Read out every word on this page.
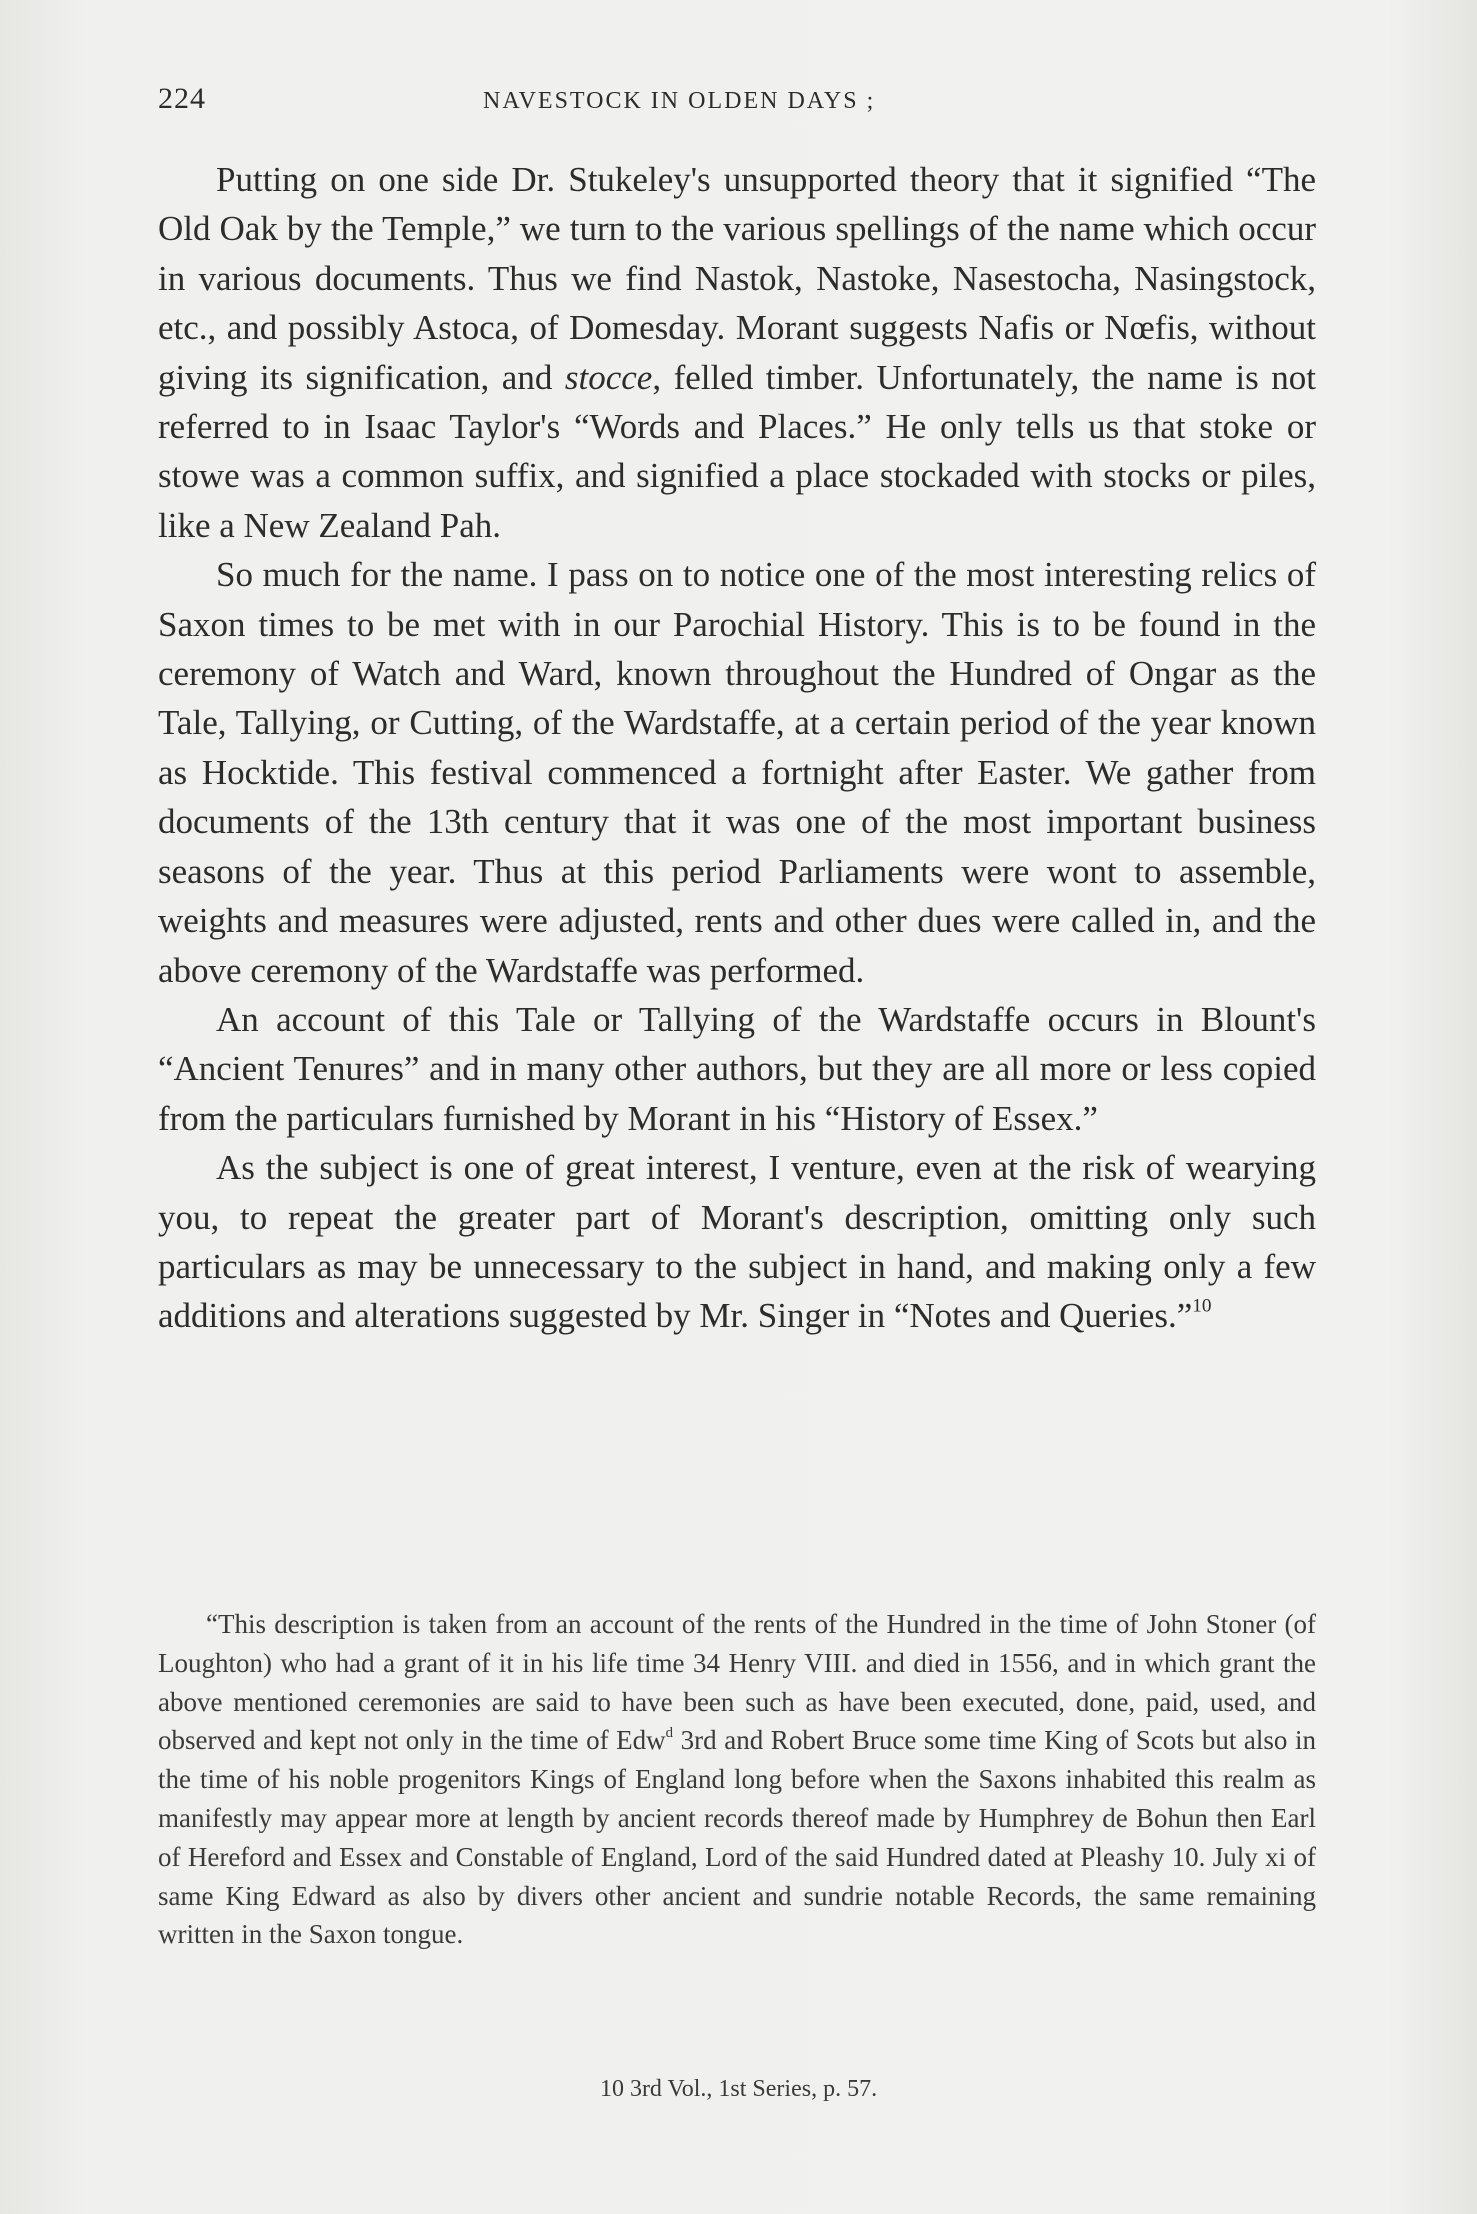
224	NAVESTOCK IN OLDEN DAYS ;

Putting on one side Dr. Stukeley's unsupported theory that it signified “The Old Oak by the Temple,” we turn to the various spellings of the name which occur in various documents. Thus we find Nastok, Nastoke, Nasestocha, Nasingstock, etc., and possibly Astoca, of Domesday. Morant suggests Nafis or Nœfis, without giving its signification, and stocce, felled timber. Unfortunately, the name is not referred to in Isaac Taylor's “Words and Places.” He only tells us that stoke or stowe was a common suffix, and signified a place stockaded with stocks or piles, like a New Zealand Pah.

So much for the name. I pass on to notice one of the most interesting relics of Saxon times to be met with in our Parochial History. This is to be found in the ceremony of Watch and Ward, known throughout the Hundred of Ongar as the Tale, Tallying, or Cutting, of the Wardstaffe, at a certain period of the year known as Hocktide. This festival commenced a fortnight after Easter. We gather from documents of the 13th century that it was one of the most important business seasons of the year. Thus at this period Parliaments were wont to assemble, weights and measures were adjusted, rents and other dues were called in, and the above ceremony of the Wardstaffe was performed.

An account of this Tale or Tallying of the Wardstaffe occurs in Blount's “Ancient Tenures” and in many other authors, but they are all more or less copied from the particulars furnished by Morant in his “History of Essex.”

As the subject is one of great interest, I venture, even at the risk of wearying you, to repeat the greater part of Morant's description, omitting only such particulars as may be unnecessary to the subject in hand, and making only a few additions and alterations suggested by Mr. Singer in “Notes and Queries.”$^{10}$

“This description is taken from an account of the rents of the Hundred in the time of John Stoner (of Loughton) who had a grant of it in his life time 34 Henry VIII. and died in 1556, and in which grant the above mentioned ceremonies are said to have been such as have been executed, done, paid, used, and observed and kept not only in the time of Edw$^d$ 3rd and Robert Bruce some time King of Scots but also in the time of his noble progenitors Kings of England long before when the Saxons inhabited this realm as manifestly may appear more at length by ancient records thereof made by Humphrey de Bohun then Earl of Hereford and Essex and Constable of England, Lord of the said Hundred dated at Pleashy 10. July xi of same King Edward as also by divers other ancient and sundrie notable Records, the same remaining written in the Saxon tongue.

10 3rd Vol., 1st Series, p. 57.
